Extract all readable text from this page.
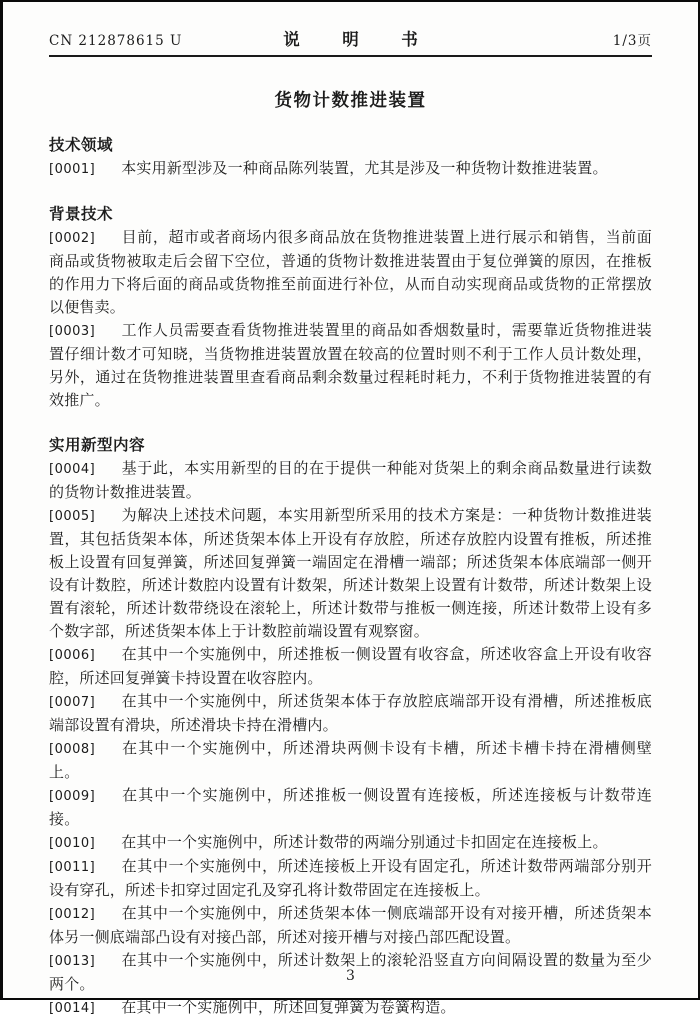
CN 212878615 U	说　明　书	1/3页
货物计数推进装置
技术领域
[0001] 本实用新型涉及一种商品陈列装置，尤其是涉及一种货物计数推进装置。
背景技术
[0002] 目前，超市或者商场内很多商品放在货物推进装置上进行展示和销售，当前面商品或货物被取走后会留下空位，普通的货物计数推进装置由于复位弹簧的原因，在推板的作用力下将后面的商品或货物推至前面进行补位，从而自动实现商品或货物的正常摆放以便售卖。
[0003] 工作人员需要查看货物推进装置里的商品如香烟数量时，需要靠近货物推进装置仔细计数才可知晓，当货物推进装置放置在较高的位置时则不利于工作人员计数处理，另外，通过在货物推进装置里查看商品剩余数量过程耗时耗力，不利于货物推进装置的有效推广。
实用新型内容
[0004] 基于此，本实用新型的目的在于提供一种能对货架上的剩余商品数量进行读数的货物计数推进装置。
[0005] 为解决上述技术问题，本实用新型所采用的技术方案是：一种货物计数推进装置，其包括货架本体，所述货架本体上开设有存放腔，所述存放腔内设置有推板，所述推板上设置有回复弹簧，所述回复弹簧一端固定在滑槽一端部；所述货架本体底端部一侧开设有计数腔，所述计数腔内设置有计数架，所述计数架上设置有计数带，所述计数架上设置有滚轮，所述计数带绕设在滚轮上，所述计数带与推板一侧连接，所述计数带上设有多个数字部，所述货架本体上于计数腔前端设置有观察窗。
[0006] 在其中一个实施例中，所述推板一侧设置有收容盒，所述收容盒上开设有收容腔，所述回复弹簧卡持设置在收容腔内。
[0007] 在其中一个实施例中，所述货架本体于存放腔底端部开设有滑槽，所述推板底端部设置有滑块，所述滑块卡持在滑槽内。
[0008] 在其中一个实施例中，所述滑块两侧卡设有卡槽，所述卡槽卡持在滑槽侧壁上。
[0009] 在其中一个实施例中，所述推板一侧设置有连接板，所述连接板与计数带连接。
[0010] 在其中一个实施例中，所述计数带的两端分别通过卡扣固定在连接板上。
[0011] 在其中一个实施例中，所述连接板上开设有固定孔，所述计数带两端部分别开设有穿孔，所述卡扣穿过固定孔及穿孔将计数带固定在连接板上。
[0012] 在其中一个实施例中，所述货架本体一侧底端部开设有对接开槽，所述货架本体另一侧底端部凸设有对接凸部，所述对接开槽与对接凸部匹配设置。
[0013] 在其中一个实施例中，所述计数架上的滚轮沿竖直方向间隔设置的数量为至少两个。
[0014] 在其中一个实施例中，所述回复弹簧为卷簧构造。
3
